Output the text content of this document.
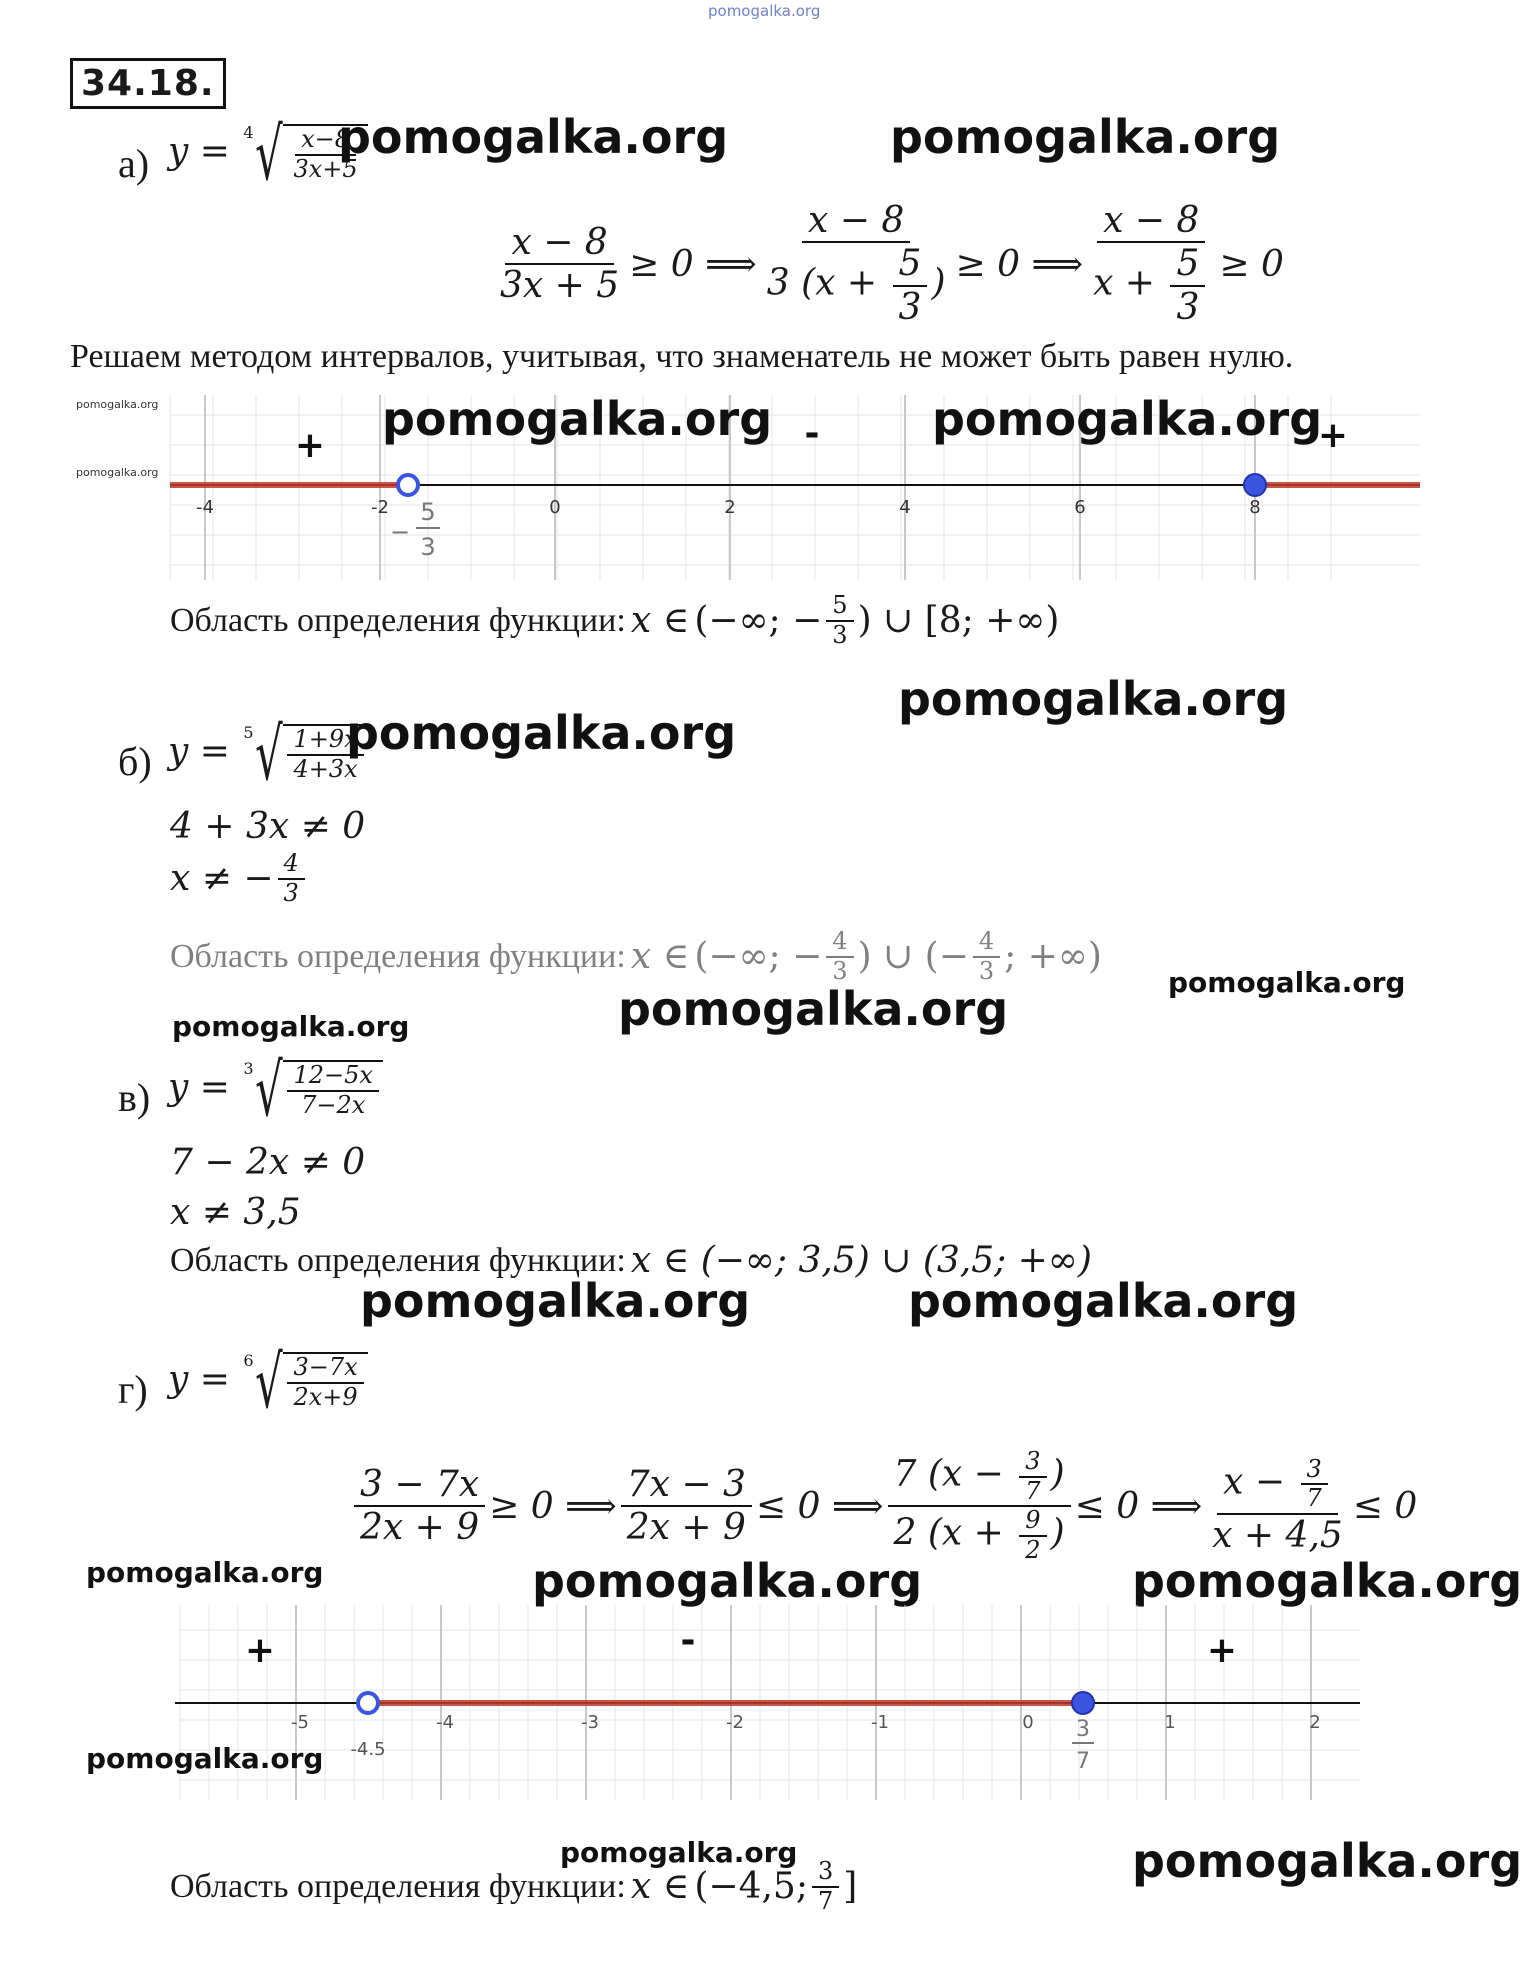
pomogalka.org
34.18.
а) y = 4 √ $\frac{x-8}{3x+5}$
pomogalka.org	pomogalka.org
$\frac{x - 8}{3x + 5} \ge 0$ ⟹ $\frac{x - 8}{3 (x + \frac{5}{3} )} \ge 0$ ⟹ $\frac{x - 8}{x + \frac{5}{3}} \ge 0$
Решаем методом интервалов, учитывая, что знаменатель не может быть равен нулю.
-4	-2	0	2	4	6	8
+	-	+
−
5
3
pomogalka.org
pomogalka.org
pomogalka.org	pomogalka.org
Область определения функции:
x ∈
(−∞; − $\frac{5}{3}$ ) ∪ [8; +∞)
pomogalka.org
б) y = 5 √ $\frac{1+9x}{4+3x}$
pomogalka.org
4 + 3x ≠ 0
x ≠ − $\frac{4}{3}$
Область определения функции:
x ∈
(−∞; − $\frac{4}{3}$ ) ∪ (− $\frac{4}{3}$ ; +∞)
pomogalka.org
pomogalka.org
pomogalka.org
в) y = 3 √ $\frac{12-5x}{7-2x}$
7 − 2x ≠ 0
x ≠ 3,5
Область определения функции:
x ∈ (−∞; 3,5) ∪ (3,5; +∞)
pomogalka.org	pomogalka.org
г) y = 6 √ $\frac{3-7x}{2x+9}$
$\frac{3 - 7x}{2x + 9} \ge 0$ ⟹ $\frac{7x - 3}{2x + 9} \le 0$ ⟹ $\frac{7 (x - \frac{3}{7} )}{2 (x + \frac{9}{2} )} \le 0$ ⟹ $\frac{x - \frac{3}{7}}{x + 4,5} \le 0$
pomogalka.org	pomogalka.org	pomogalka.org
-5	-4	-3	-2	-1	0	1	2
-4.5
3
7
+	-	+
pomogalka.org
pomogalka.org
Область определения функции:
x ∈
(−4,5; $\frac{3}{7}$ ]	pomogalka.org
